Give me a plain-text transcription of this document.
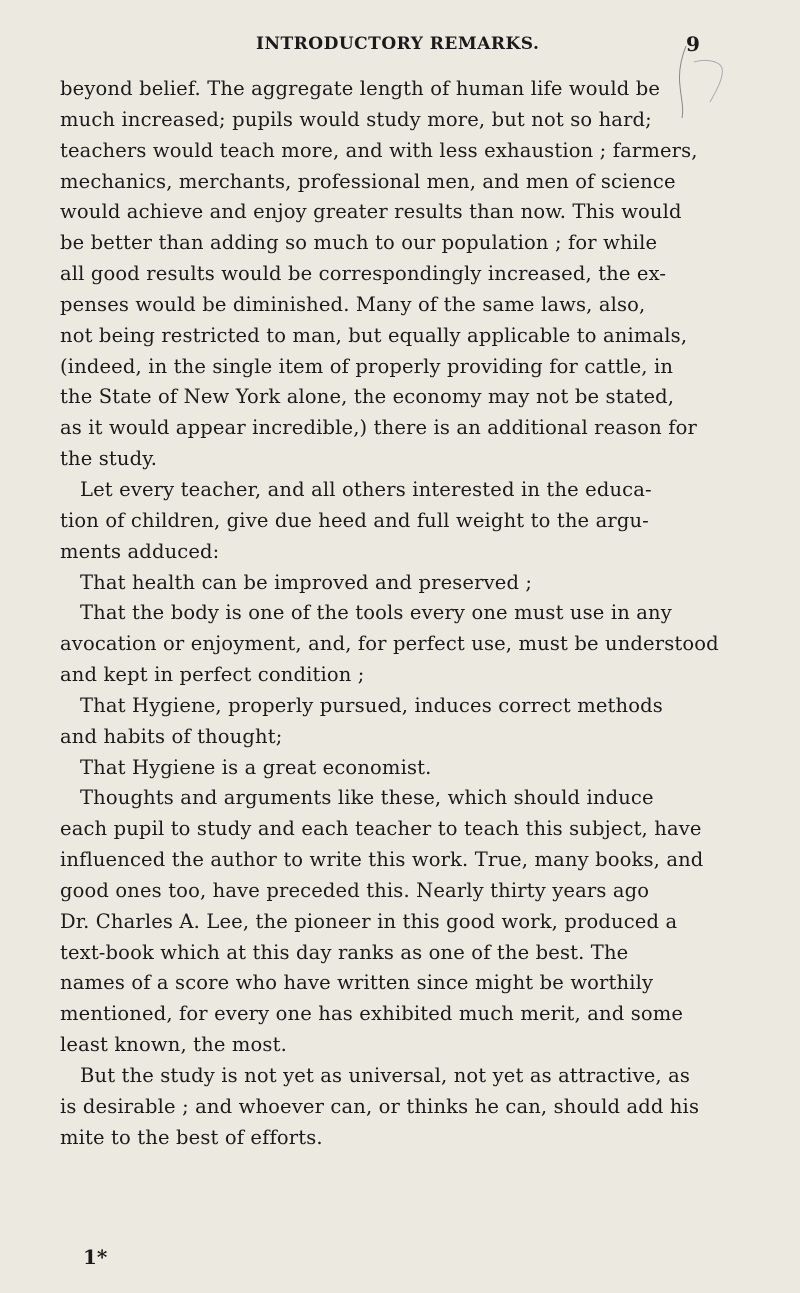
INTRODUCTORY REMARKS.	9
beyond belief. The aggregate length of human life would be
much increased; pupils would study more, but not so hard;
teachers would teach more, and with less exhaustion ; farmers,
mechanics, merchants, professional men, and men of science
would achieve and enjoy greater results than now. This would
be better than adding so much to our population ; for while
all good results would be correspondingly increased, the ex-
penses would be diminished. Many of the same laws, also,
not being restricted to man, but equally applicable to animals,
(indeed, in the single item of properly providing for cattle, in
the State of New York alone, the economy may not be stated,
as it would appear incredible,) there is an additional reason for
the study.
Let every teacher, and all others interested in the educa-
tion of children, give due heed and full weight to the argu-
ments adduced:
That health can be improved and preserved ;
That the body is one of the tools every one must use in any
avocation or enjoyment, and, for perfect use, must be understood
and kept in perfect condition ;
That Hygiene, properly pursued, induces correct methods
and habits of thought;
That Hygiene is a great economist.
Thoughts and arguments like these, which should induce
each pupil to study and each teacher to teach this subject, have
influenced the author to write this work. True, many books, and
good ones too, have preceded this. Nearly thirty years ago
Dr. Charles A. Lee, the pioneer in this good work, produced a
text-book which at this day ranks as one of the best. The
names of a score who have written since might be worthily
mentioned, for every one has exhibited much merit, and some
least known, the most.
But the study is not yet as universal, not yet as attractive, as
is desirable ; and whoever can, or thinks he can, should add his
mite to the best of efforts.
1*
